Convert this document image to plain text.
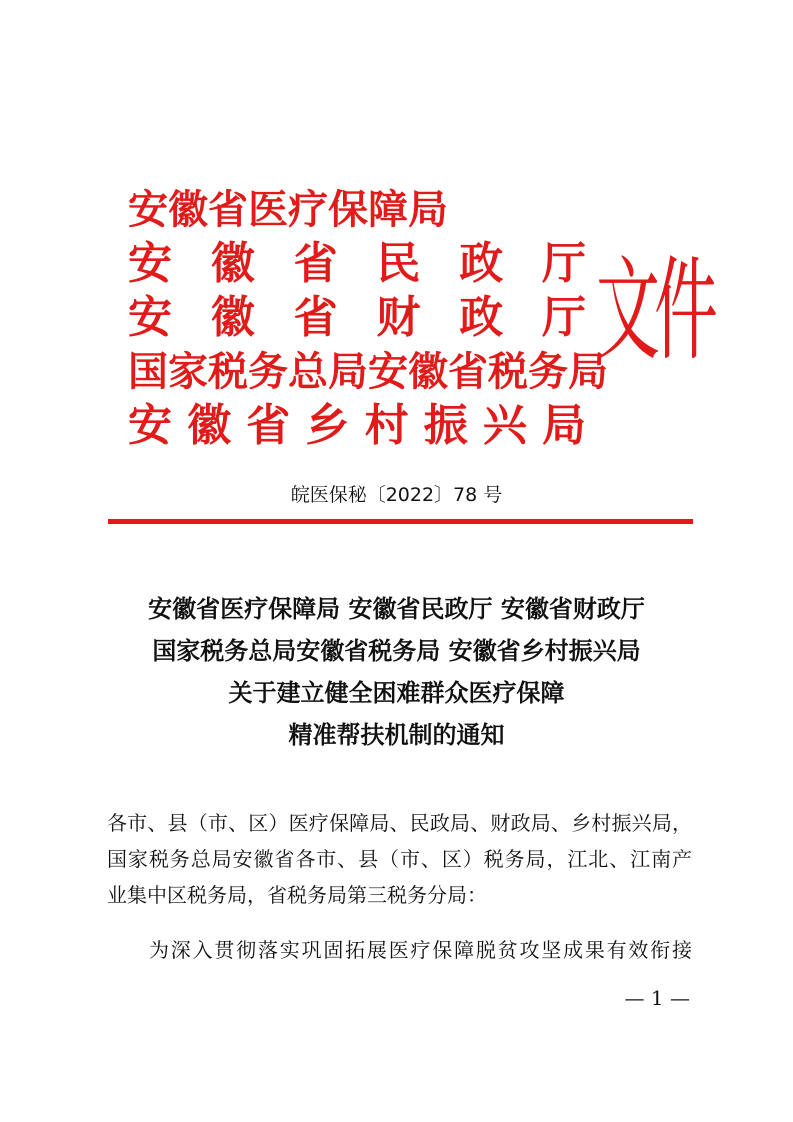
安徽省医疗保障局
安 徽 省 民 政 厅
安 徽 省 财 政 厅
国家税务总局安徽省税务局
安 徽 省 乡 村 振 兴 局
文件
皖医保秘〔2022〕78 号
安徽省医疗保障局 安徽省民政厅 安徽省财政厅
国家税务总局安徽省税务局 安徽省乡村振兴局
关于建立健全困难群众医疗保障
精准帮扶机制的通知
各市、县（市、区）医疗保障局、民政局、财政局、乡村振兴局，
国家税务总局安徽省各市、县（市、区）税务局，江北、江南产
业集中区税务局，省税务局第三税务分局：
为深入贯彻落实巩固拓展医疗保障脱贫攻坚成果有效衔接
— 1 —
